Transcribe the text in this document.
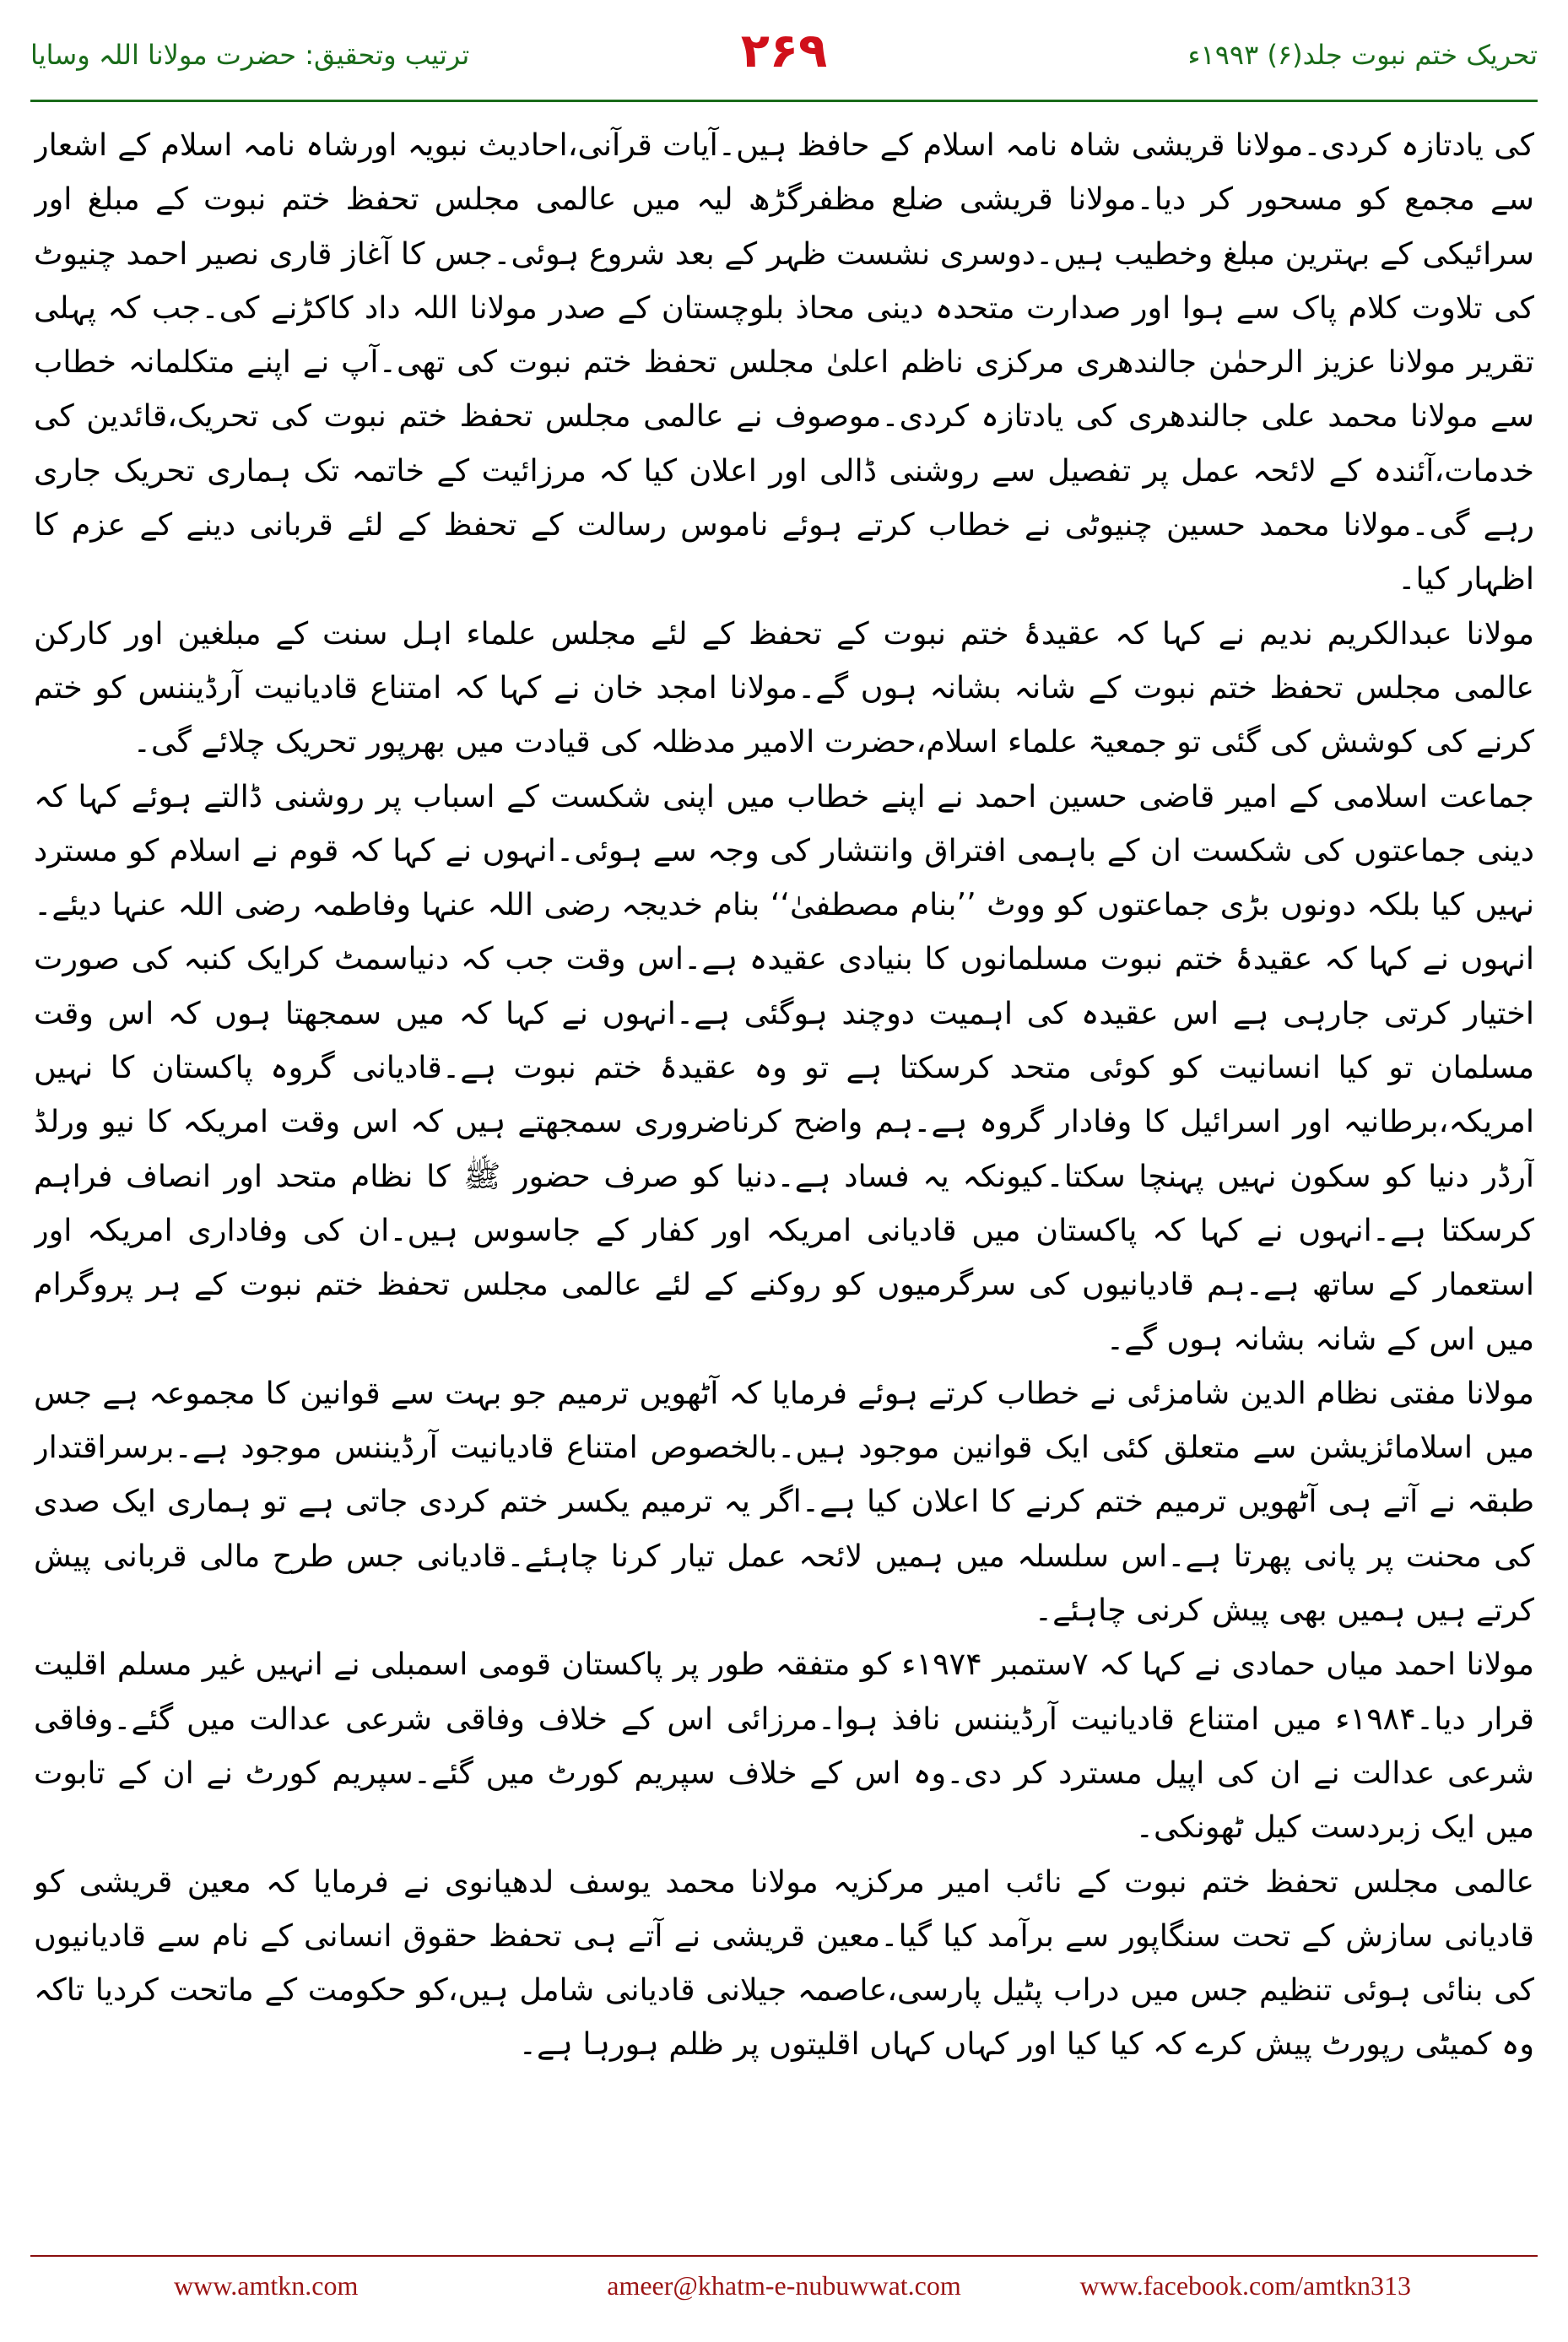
ترتیب وتحقیق: حضرت مولانا اللہ وسایا	۲۶۹	تحریک ختم نبوت جلد(۶) ۱۹۹۳ء

کی یادتازہ کردی۔مولانا قریشی شاہ نامہ اسلام کے حافظ ہیں۔آیات قرآنی،احادیث نبویہ اورشاہ نامہ اسلام کے اشعار سے مجمع کو مسحور کر دیا۔مولانا قریشی ضلع مظفرگڑھ لیہ میں عالمی مجلس تحفظ ختم نبوت کے مبلغ اور سرائیکی کے بہترین مبلغ وخطیب ہیں۔دوسری نشست ظہر کے بعد شروع ہوئی۔جس کا آغاز قاری نصیر احمد چنیوٹ کی تلاوت کلام پاک سے ہوا اور صدارت متحدہ دینی محاذ بلوچستان کے صدر مولانا اللہ داد کاکڑنے کی۔جب کہ پہلی تقریر مولانا عزیز الرحمٰن جالندھری مرکزی ناظم اعلیٰ مجلس تحفظ ختم نبوت کی تھی۔آپ نے اپنے متکلمانہ خطاب سے مولانا محمد علی جالندھری کی یادتازہ کردی۔موصوف نے عالمی مجلس تحفظ ختم نبوت کی تحریک،قائدین کی خدمات،آئندہ کے لائحہ عمل پر تفصیل سے روشنی ڈالی اور اعلان کیا کہ مرزائیت کے خاتمہ تک ہماری تحریک جاری رہے گی۔مولانا محمد حسین چنیوٹی نے خطاب کرتے ہوئے ناموس رسالت کے تحفظ کے لئے قربانی دینے کے عزم کا اظہار کیا۔

مولانا عبدالکریم ندیم نے کہا کہ عقیدۂ ختم نبوت کے تحفظ کے لئے مجلس علماء اہل سنت کے مبلغین اور کارکن عالمی مجلس تحفظ ختم نبوت کے شانہ بشانہ ہوں گے۔مولانا امجد خان نے کہا کہ امتناع قادیانیت آرڈیننس کو ختم کرنے کی کوشش کی گئی تو جمعیۃ علماء اسلام،حضرت الامیر مدظلہ کی قیادت میں بھرپور تحریک چلائے گی۔

جماعت اسلامی کے امیر قاضی حسین احمد نے اپنے خطاب میں اپنی شکست کے اسباب پر روشنی ڈالتے ہوئے کہا کہ دینی جماعتوں کی شکست ان کے باہمی افتراق وانتشار کی وجہ سے ہوئی۔انہوں نے کہا کہ قوم نے اسلام کو مسترد نہیں کیا بلکہ دونوں بڑی جماعتوں کو ووٹ ’’بنام مصطفیٰ‘‘ بنام خدیجہ رضی اللہ عنہا وفاطمہ رضی اللہ عنہا دیئے۔انہوں نے کہا کہ عقیدۂ ختم نبوت مسلمانوں کا بنیادی عقیدہ ہے۔اس وقت جب کہ دنیاسمٹ کرایک کنبہ کی صورت اختیار کرتی جارہی ہے اس عقیدہ کی اہمیت دوچند ہوگئی ہے۔انہوں نے کہا کہ میں سمجھتا ہوں کہ اس وقت مسلمان تو کیا انسانیت کو کوئی متحد کرسکتا ہے تو وہ عقیدۂ ختم نبوت ہے۔قادیانی گروہ پاکستان کا نہیں امریکہ،برطانیہ اور اسرائیل کا وفادار گروہ ہے۔ہم واضح کرناضروری سمجھتے ہیں کہ اس وقت امریکہ کا نیو ورلڈ آرڈر دنیا کو سکون نہیں پہنچا سکتا۔کیونکہ یہ فساد ہے۔دنیا کو صرف حضور ﷺ کا نظام متحد اور انصاف فراہم کرسکتا ہے۔انہوں نے کہا کہ پاکستان میں قادیانی امریکہ اور کفار کے جاسوس ہیں۔ان کی وفاداری امریکہ اور استعمار کے ساتھ ہے۔ہم قادیانیوں کی سرگرمیوں کو روکنے کے لئے عالمی مجلس تحفظ ختم نبوت کے ہر پروگرام میں اس کے شانہ بشانہ ہوں گے۔

مولانا مفتی نظام الدین شامزئی نے خطاب کرتے ہوئے فرمایا کہ آٹھویں ترمیم جو بہت سے قوانین کا مجموعہ ہے جس میں اسلامائزیشن سے متعلق کئی ایک قوانین موجود ہیں۔بالخصوص امتناع قادیانیت آرڈیننس موجود ہے۔برسراقتدار طبقہ نے آتے ہی آٹھویں ترمیم ختم کرنے کا اعلان کیا ہے۔اگر یہ ترمیم یکسر ختم کردی جاتی ہے تو ہماری ایک صدی کی محنت پر پانی پھرتا ہے۔اس سلسلہ میں ہمیں لائحہ عمل تیار کرنا چاہئے۔قادیانی جس طرح مالی قربانی پیش کرتے ہیں ہمیں بھی پیش کرنی چاہئے۔

مولانا احمد میاں حمادی نے کہا کہ ۷ستمبر ۱۹۷۴ء کو متفقہ طور پر پاکستان قومی اسمبلی نے انہیں غیر مسلم اقلیت قرار دیا۔۱۹۸۴ء میں امتناع قادیانیت آرڈیننس نافذ ہوا۔مرزائی اس کے خلاف وفاقی شرعی عدالت میں گئے۔وفاقی شرعی عدالت نے ان کی اپیل مسترد کر دی۔وہ اس کے خلاف سپریم کورٹ میں گئے۔سپریم کورٹ نے ان کے تابوت میں ایک زبردست کیل ٹھونکی۔

عالمی مجلس تحفظ ختم نبوت کے نائب امیر مرکزیہ مولانا محمد یوسف لدھیانوی نے فرمایا کہ معین قریشی کو قادیانی سازش کے تحت سنگاپور سے برآمد کیا گیا۔معین قریشی نے آتے ہی تحفظ حقوق انسانی کے نام سے قادیانیوں کی بنائی ہوئی تنظیم جس میں دراب پٹیل پارسی،عاصمہ جیلانی قادیانی شامل ہیں،کو حکومت کے ماتحت کردیا تاکہ وہ کمیٹی رپورٹ پیش کرے کہ کیا کیا اور کہاں کہاں اقلیتوں پر ظلم ہورہا ہے۔

www.amtkn.com	ameer@khatm-e-nubuwwat.com	www.facebook.com/amtkn313
